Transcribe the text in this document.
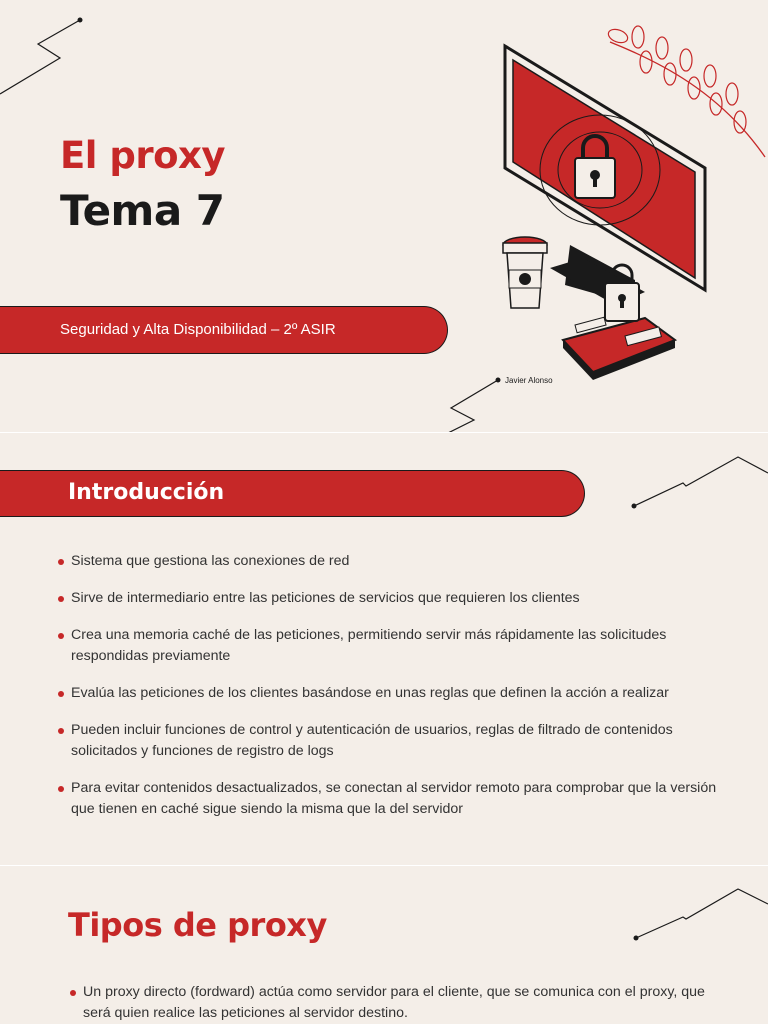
El proxy
Tema 7
Seguridad y Alta Disponibilidad – 2º ASIR
Javier Alonso
Introducción
Sistema que gestiona las conexiones de red
Sirve de intermediario entre las peticiones de servicios que requieren los clientes
Crea una memoria caché de las peticiones, permitiendo servir más rápidamente las solicitudes respondidas previamente
Evalúa las peticiones de los clientes basándose en unas reglas que definen la acción a realizar
Pueden incluir funciones de control y autenticación de usuarios, reglas de filtrado de contenidos solicitados y funciones de registro de logs
Para evitar contenidos desactualizados, se conectan al servidor remoto para comprobar que la versión que tienen en caché sigue siendo la misma que la del servidor
Tipos de proxy
Un proxy directo (fordward) actúa como servidor para el cliente, que se comunica con el proxy, que será quien realice las peticiones al servidor destino.
